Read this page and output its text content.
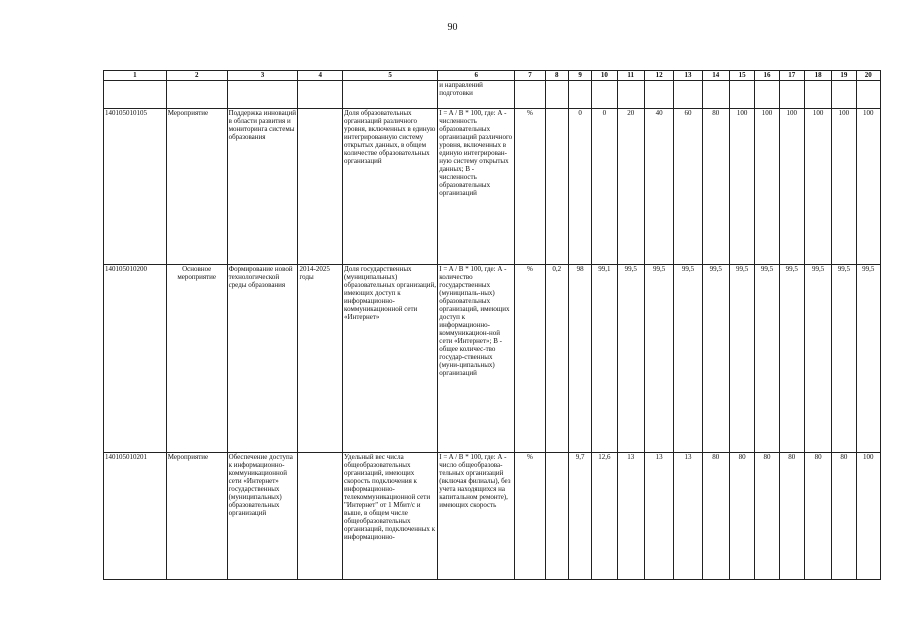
90
1	2	3	4	5	6	7	8	9	10	11	12	13	14	15	16	17	18	19	20
					и направлений подготовки														
140105010105	Мероприятие	Поддержка инноваций в области развития и мониторинга системы образования		Доля образовательных организаций различного уровня, включенных в единую интегрированную систему открытых данных, в общем количестве образовательных организаций	I = A / B * 100, где: А - численность образовательных организаций различного уровня, включенных в единую интегрирован-ную систему открытых данных; В - численность образовательных организаций	%		0	0	20	40	60	80	100	100	100	100	100	100
140105010200	Основное мероприятие	Формирование новой технологической среды образования	2014-2025 годы	Доля государственных (муниципальных) образовательных организаций, имеющих доступ к информационно-коммуникационной сети «Интернет»	I = A / B * 100, где: А - количество государственных (муниципаль-ных) образовательных организаций, имеющих доступ к информационно-коммуникацион-ной сети «Интернет»; В - общее количес-тво государ-ственных (муни-ципальных) организаций	%	0,2	98	99,1	99,5	99,5	99,5	99,5	99,5	99,5	99,5	99,5	99,5	99,5
140105010201	Мероприятие	Обеспечение доступа к информационно-коммуникационной сети «Интернет» государственных (муниципальных) образовательных организаций		Удельный вес числа общеобразовательных организаций, имеющих скорость подключения к информационно-телекоммуникационной сети "Интернет" от 1 Мбит/с и выше, в общем числе общеобразовательных организаций, подключенных к информационно-	I = A / B * 100, где: А - число общеобразова-тельных организаций (включая филиалы), без учета находящихся на капитальном ремонте), имеющих скорость	%		9,7	12,6	13	13	13	80	80	80	80	80	80	100
